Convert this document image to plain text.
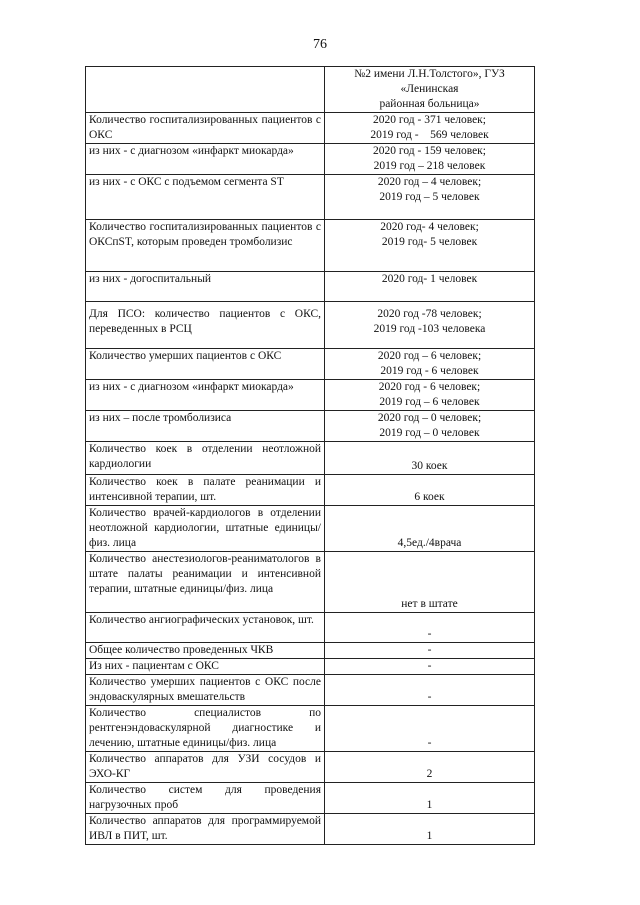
76

	№2 имени Л.Н.Толстого», ГУЗ «Ленинская
районная больница»

Количество госпитализированных пациентов с ОКС	2020 год - 371 человек;
2019 год -    569 человек

из них - с диагнозом «инфаркт миокарда»	2020 год - 159 человек;
2019 год – 218 человек

из них - с ОКС с подъемом сегмента ST	2020 год – 4 человек;
2019 год – 5 человек

Количество госпитализированных пациентов с ОКСпST, которым проведен тромболизис	2020 год- 4 человек;
2019 год- 5 человек

из них - догоспитальный	2020 год- 1 человек

Для ПСО: количество пациентов с ОКС, переведенных в РСЦ	2020 год -78 человек;
2019 год -103 человека

Количество умерших пациентов с ОКС	2020 год – 6 человек;
2019 год - 6 человек

из них - с диагнозом «инфаркт миокарда»	2020 год - 6 человек;
2019 год – 6 человек

из них – после тромболизиса	2020 год – 0 человек;
2019 год – 0 человек

Количество коек в отделении неотложной кардиологии	30 коек

Количество коек в палате реанимации и интенсивной терапии, шт.	6 коек

Количество врачей-кардиологов в отделении неотложной кардиологии, штатные единицы/физ. лица	4,5ед./4врача

Количество анестезиологов-реаниматологов в штате палаты реанимации и интенсивной терапии, штатные единицы/физ. лица	нет в штате

Количество ангиографических установок, шт.	-

Общее количество проведенных ЧКВ	-

Из них - пациентам с ОКС	-

Количество умерших пациентов с ОКС после эндоваскулярных вмешательств	-

Количество специалистов по рентгенэндоваскулярной диагностике и лечению, штатные единицы/физ. лица	-

Количество аппаратов для УЗИ сосудов и ЭХО-КГ	2

Количество систем для проведения нагрузочных проб	1

Количество аппаратов для программируемой ИВЛ в ПИТ, шт.	1
